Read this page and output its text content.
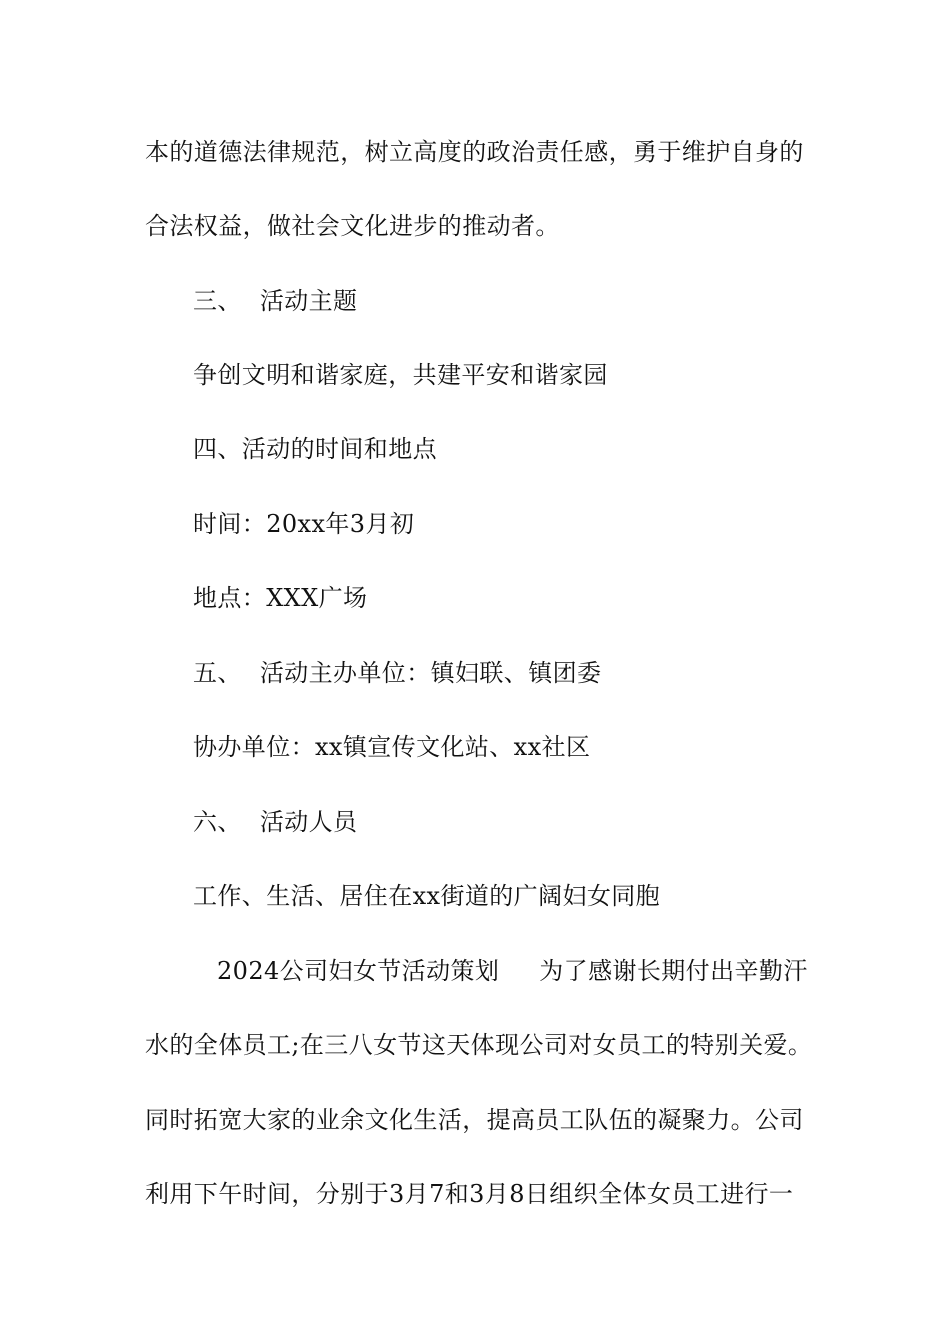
本的道德法律规范，树立高度的政治责任感，勇于维护自身的
合法权益，做社会文化进步的推动者。
三、 活动主题
争创文明和谐家庭，共建平安和谐家园
四、活动的时间和地点
时间：20xx年3月初
地点：XXX广场
五、 活动主办单位：镇妇联、镇团委
协办单位：xx镇宣传文化站、xx社区
六、 活动人员
工作、生活、居住在xx街道的广阔妇女同胞
2024公司妇女节活动策划 为了感谢长期付出辛勤汗
水的全体员工;在三八女节这天体现公司对女员工的特别关爱。
同时拓宽大家的业余文化生活，提高员工队伍的凝聚力。公司
利用下午时间，分别于3月7和3月8日组织全体女员工进行一
